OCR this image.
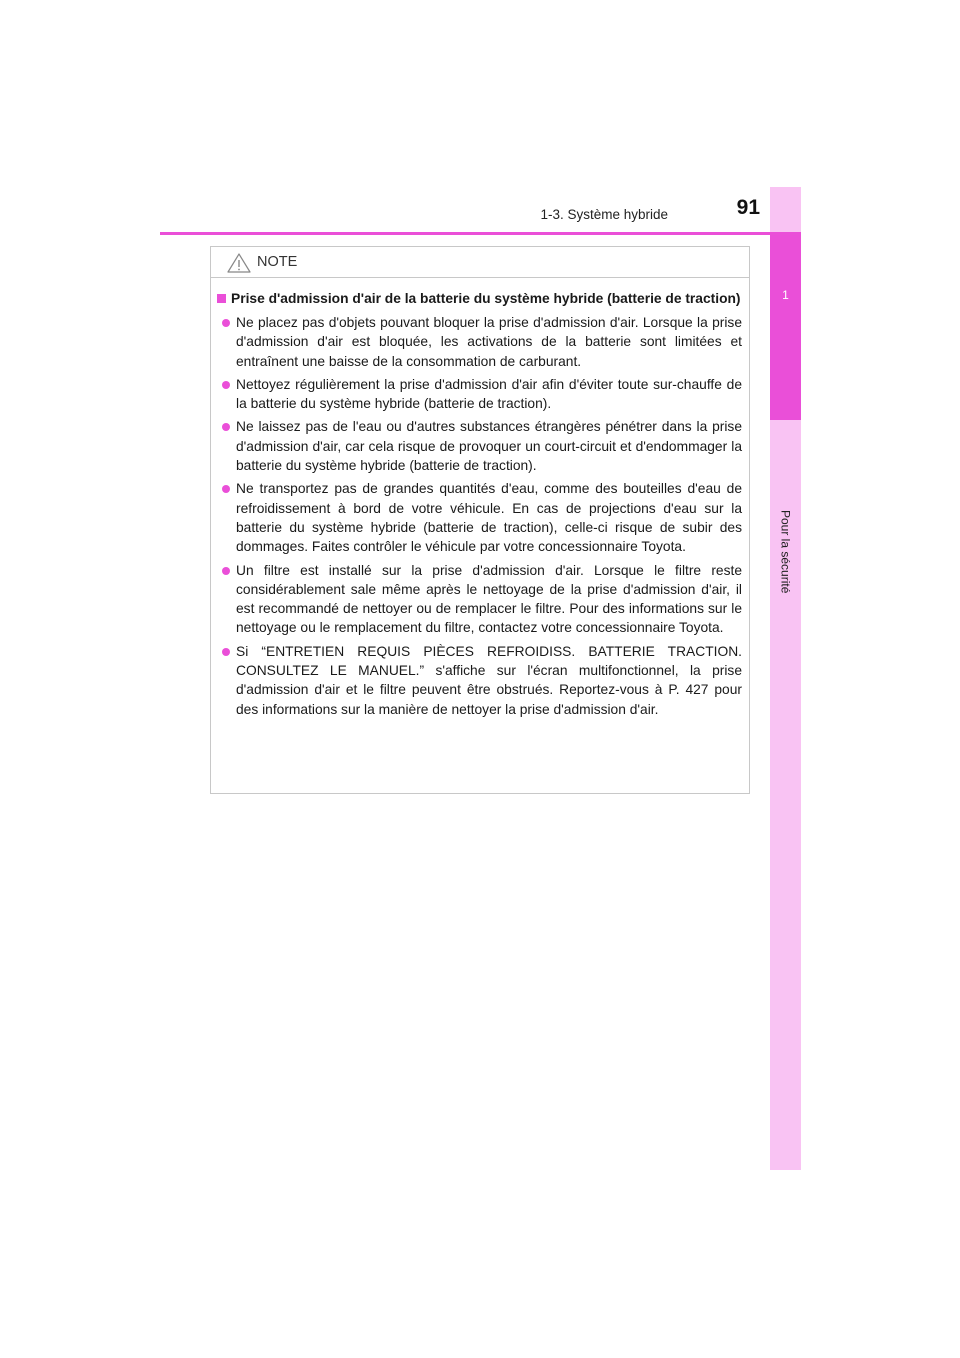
1
Pour la sécurité
1-3. Système hybride	91
NOTE
Prise d'admission d'air de la batterie du système hybride (batterie de traction)
Ne placez pas d'objets pouvant bloquer la prise d'admission d'air. Lorsque la prise d'admission d'air est bloquée, les activations de la batterie sont limitées et entraînent une baisse de la consommation de carburant.
Nettoyez régulièrement la prise d'admission d'air afin d'éviter toute sur-chauffe de la batterie du système hybride (batterie de traction).
Ne laissez pas de l'eau ou d'autres substances étrangères pénétrer dans la prise d'admission d'air, car cela risque de provoquer un court-circuit et d'endommager la batterie du système hybride (batterie de traction).
Ne transportez pas de grandes quantités d'eau, comme des bouteilles d'eau de refroidissement à bord de votre véhicule. En cas de projections d'eau sur la batterie du système hybride (batterie de traction), celle-ci risque de subir des dommages. Faites contrôler le véhicule par votre concessionnaire Toyota.
Un filtre est installé sur la prise d'admission d'air. Lorsque le filtre reste considérablement sale même après le nettoyage de la prise d'admission d'air, il est recommandé de nettoyer ou de remplacer le filtre. Pour des informations sur le nettoyage ou le remplacement du filtre, contactez votre concessionnaire Toyota.
Si “ENTRETIEN REQUIS PIÈCES REFROIDISS. BATTERIE TRACTION. CONSULTEZ LE MANUEL.” s'affiche sur l'écran multifonctionnel, la prise d'admission d'air et le filtre peuvent être obstrués. Reportez-vous à P. 427 pour des informations sur la manière de nettoyer la prise d'admission d'air.
